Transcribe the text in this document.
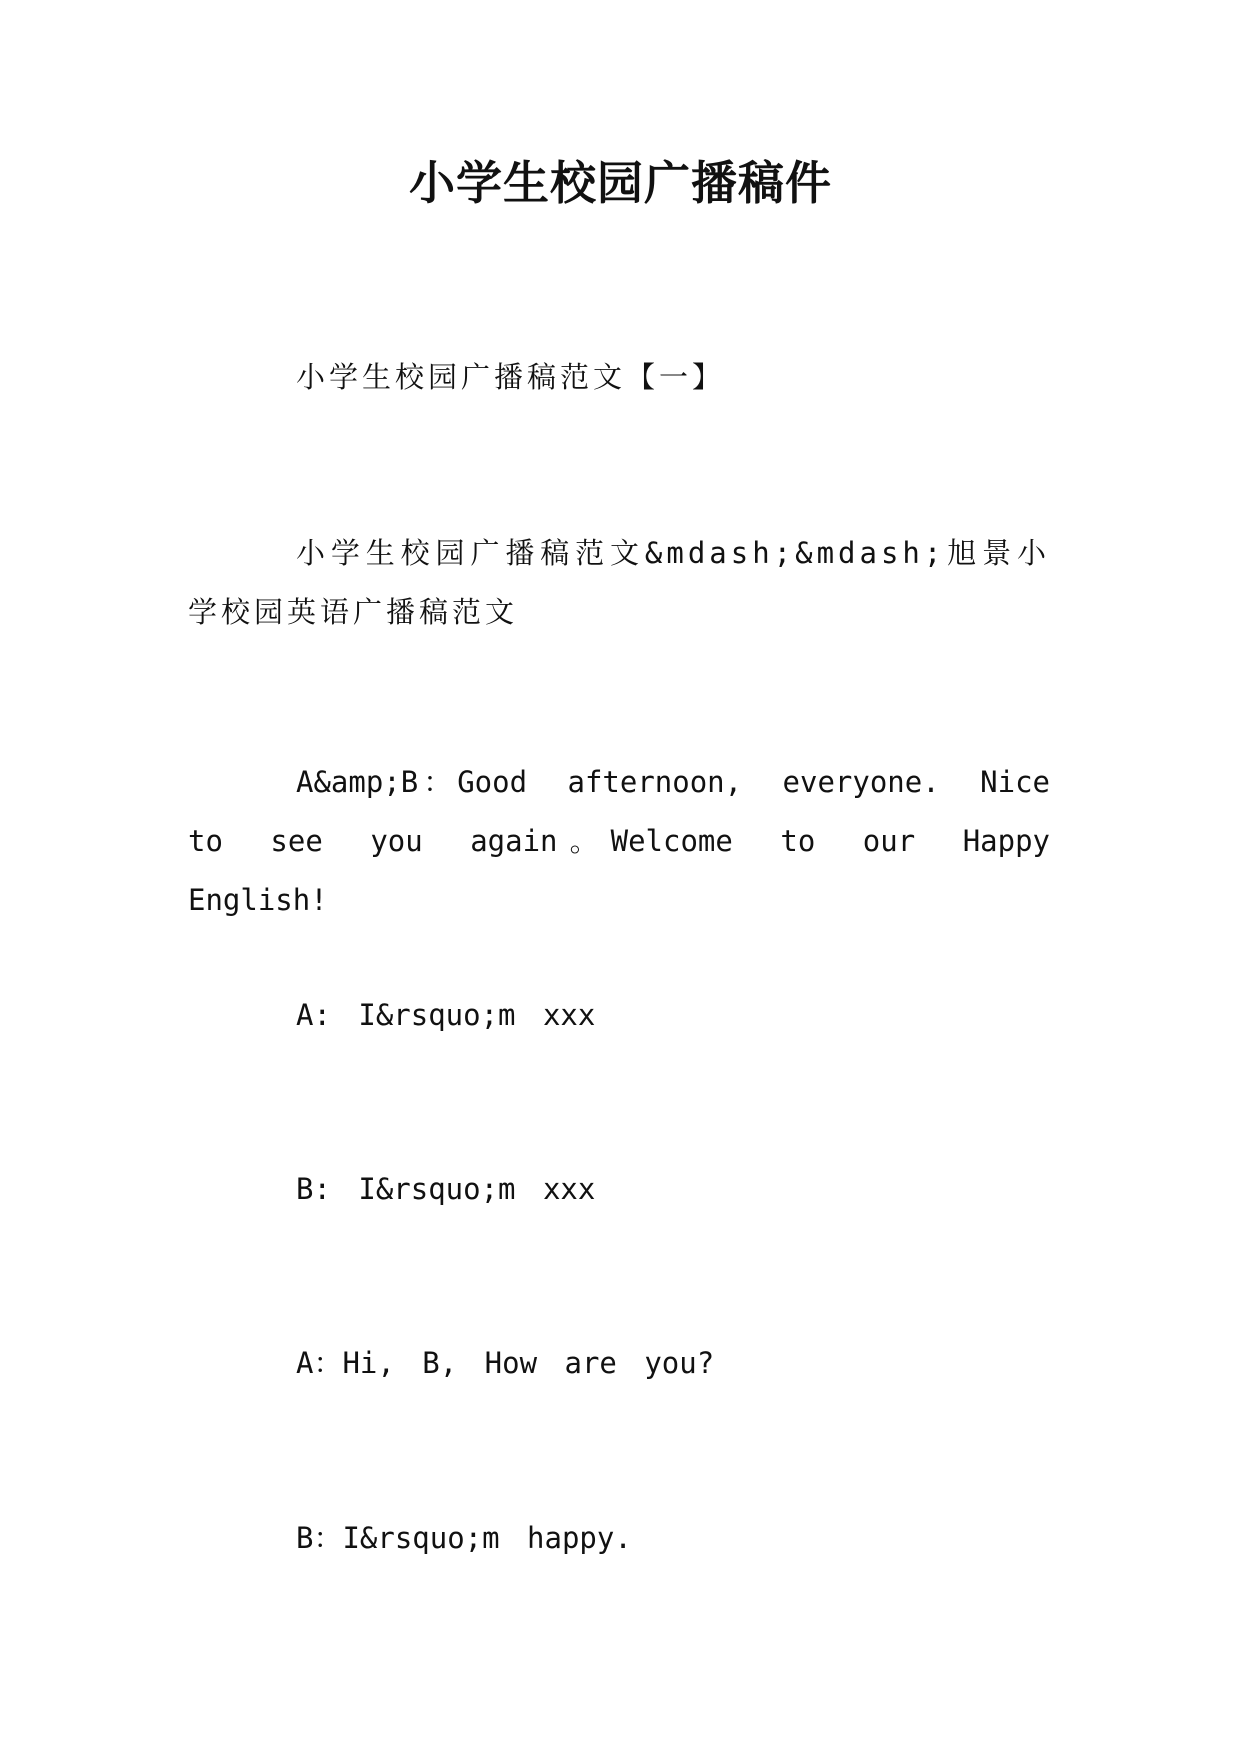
小学生校园广播稿件

小学生校园广播稿范文【一】

小学生校园广播稿范文&mdash;&mdash;旭景小学校园英语广播稿范文

A&amp;B：Good afternoon, everyone. Nice to see you again。Welcome to our Happy English!

A: I&rsquo;m xxx

B: I&rsquo;m xxx

A：Hi, B, How are you?

B：I&rsquo;m happy.
